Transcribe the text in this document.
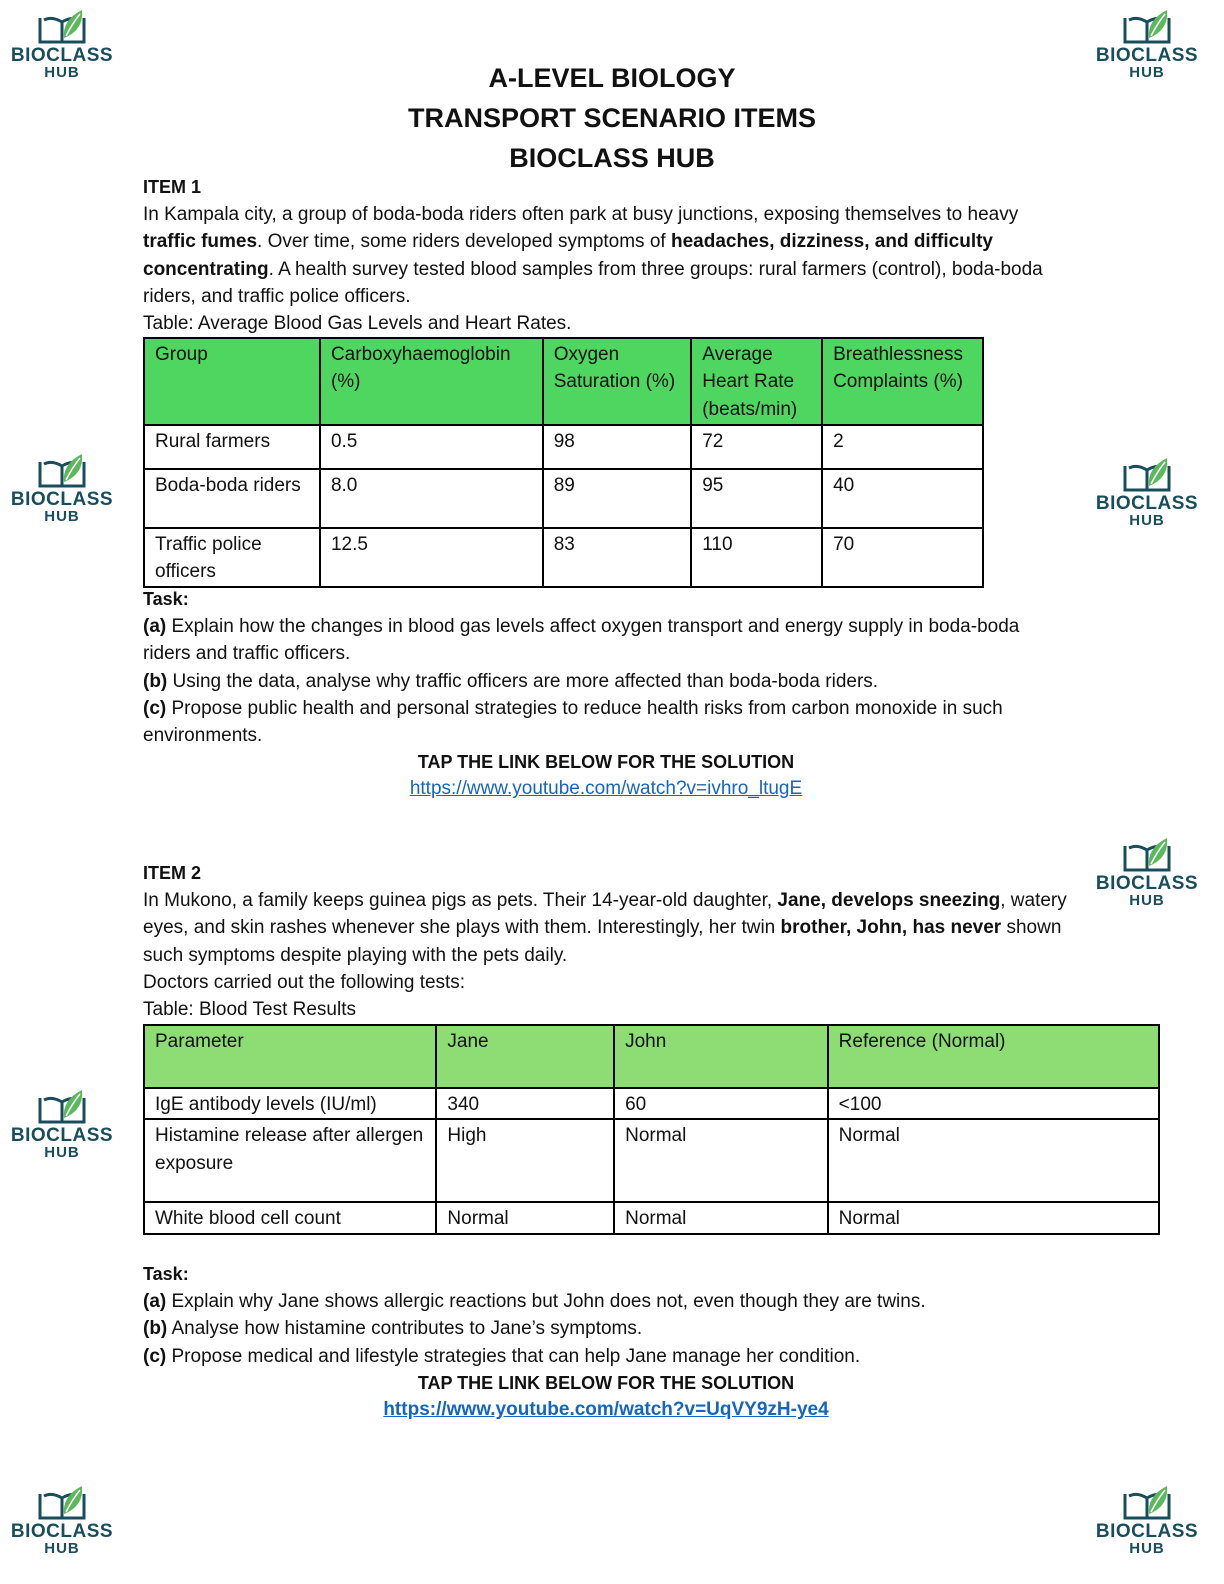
BIOCLASS
HUB
BIOCLASS
HUB
BIOCLASS
HUB
BIOCLASS
HUB
BIOCLASS
HUB
BIOCLASS
HUB
BIOCLASS
HUB
BIOCLASS
HUB
A-LEVEL BIOLOGY
TRANSPORT SCENARIO ITEMS
BIOCLASS HUB

ITEM 1

In Kampala city, a group of boda-boda riders often park at busy junctions, exposing themselves to heavy traffic fumes. Over time, some riders developed symptoms of headaches, dizziness, and difficulty concentrating. A health survey tested blood samples from three groups: rural farmers (control), boda-boda riders, and traffic police officers.

Table: Average Blood Gas Levels and Heart Rates.

Group	Carboxyhaemoglobin (%)	Oxygen Saturation (%)	Average Heart Rate (beats/min)	Breathlessness Complaints (%)
Rural farmers	0.5	98	72	2
Boda-boda riders	8.0	89	95	40
Traffic police officers	12.5	83	110	70

Task:

(a) Explain how the changes in blood gas levels affect oxygen transport and energy supply in boda-boda riders and traffic officers.

(b) Using the data, analyse why traffic officers are more affected than boda-boda riders.

(c) Propose public health and personal strategies to reduce health risks from carbon monoxide in such environments.

TAP THE LINK BELOW FOR THE SOLUTION

https://www.youtube.com/watch?v=ivhro_ltugE

ITEM 2

In Mukono, a family keeps guinea pigs as pets. Their 14-year-old daughter, Jane, develops sneezing, watery eyes, and skin rashes whenever she plays with them. Interestingly, her twin brother, John, has never shown such symptoms despite playing with the pets daily.

Doctors carried out the following tests:

Table: Blood Test Results

Parameter	Jane	John	Reference (Normal)
IgE antibody levels (IU/ml)	340	60	<100
Histamine release after allergen exposure	High	Normal	Normal
White blood cell count	Normal	Normal	Normal

Task:

(a) Explain why Jane shows allergic reactions but John does not, even though they are twins.

(b) Analyse how histamine contributes to Jane’s symptoms.

(c) Propose medical and lifestyle strategies that can help Jane manage her condition.

TAP THE LINK BELOW FOR THE SOLUTION

https://www.youtube.com/watch?v=UqVY9zH-ye4
